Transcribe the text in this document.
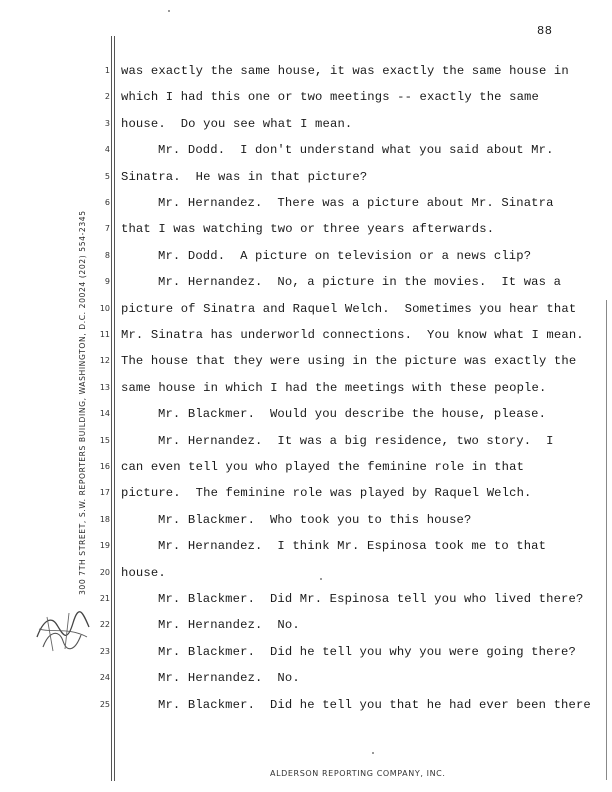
88
300 7TH STREET, S.W. REPORTERS BUILDING, WASHINGTON, D.C. 20024 (202) 554-2345
1 was exactly the same house, it was exactly the same house in
2 which I had this one or two meetings -- exactly the same
3 house.  Do you see what I mean.
4	Mr. Dodd.  I don't understand what you said about Mr.
5 Sinatra.  He was in that picture?
6	Mr. Hernandez.  There was a picture about Mr. Sinatra
7 that I was watching two or three years afterwards.
8	Mr. Dodd.  A picture on television or a news clip?
9	Mr. Hernandez.  No, a picture in the movies.  It was a
10 picture of Sinatra and Raquel Welch.  Sometimes you hear that
11 Mr. Sinatra has underworld connections.  You know what I mean.
12 The house that they were using in the picture was exactly the
13 same house in which I had the meetings with these people.
14	Mr. Blackmer.  Would you describe the house, please.
15	Mr. Hernandez.  It was a big residence, two story.  I
16 can even tell you who played the feminine role in that
17 picture.  The feminine role was played by Raquel Welch.
18	Mr. Blackmer.  Who took you to this house?
19	Mr. Hernandez.  I think Mr. Espinosa took me to that
20 house.
21	Mr. Blackmer.  Did Mr. Espinosa tell you who lived there?
22	Mr. Hernandez.  No.
23	Mr. Blackmer.  Did he tell you why you were going there?
24	Mr. Hernandez.  No.
25	Mr. Blackmer.  Did he tell you that he had ever been there
ALDERSON REPORTING COMPANY, INC.
